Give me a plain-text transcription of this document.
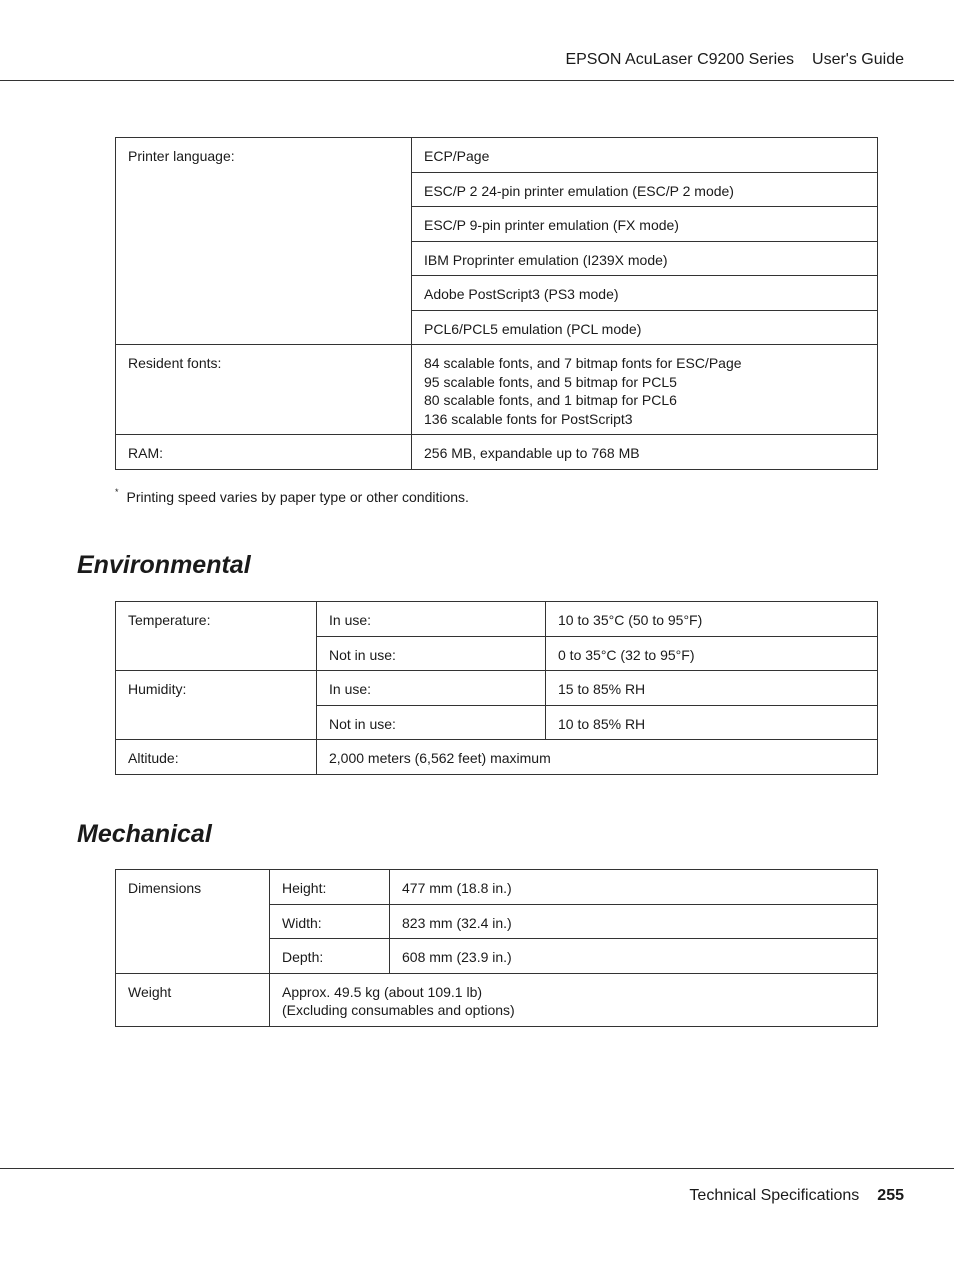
EPSON AcuLaser C9200 Series User's Guide
Printer language:	ECP/Page
	ESC/P 2 24-pin printer emulation (ESC/P 2 mode)
	ESC/P 9-pin printer emulation (FX mode)
	IBM Proprinter emulation (I239X mode)
	Adobe PostScript3 (PS3 mode)
	PCL6/PCL5 emulation (PCL mode)
Resident fonts:	84 scalable fonts, and 7 bitmap fonts for ESC/Page
95 scalable fonts, and 5 bitmap for PCL5
80 scalable fonts, and 1 bitmap for PCL6
136 scalable fonts for PostScript3

RAM:	256 MB, expandable up to 768 MB
* Printing speed varies by paper type or other conditions.
Environmental
Temperature:	In use:	10 to 35°C (50 to 95°F)
	Not in use:	0 to 35°C (32 to 95°F)
Humidity:	In use:	15 to 85% RH
	Not in use:	10 to 85% RH
Altitude:	2,000 meters (6,562 feet) maximum	
Mechanical
Dimensions	Height:	477 mm (18.8 in.)
	Width:	823 mm (32.4 in.)
	Depth:	608 mm (23.9 in.)
Weight	Approx. 49.5 kg (about 109.1 lb)
(Excluding consumables and options)	
Technical Specifications 255
